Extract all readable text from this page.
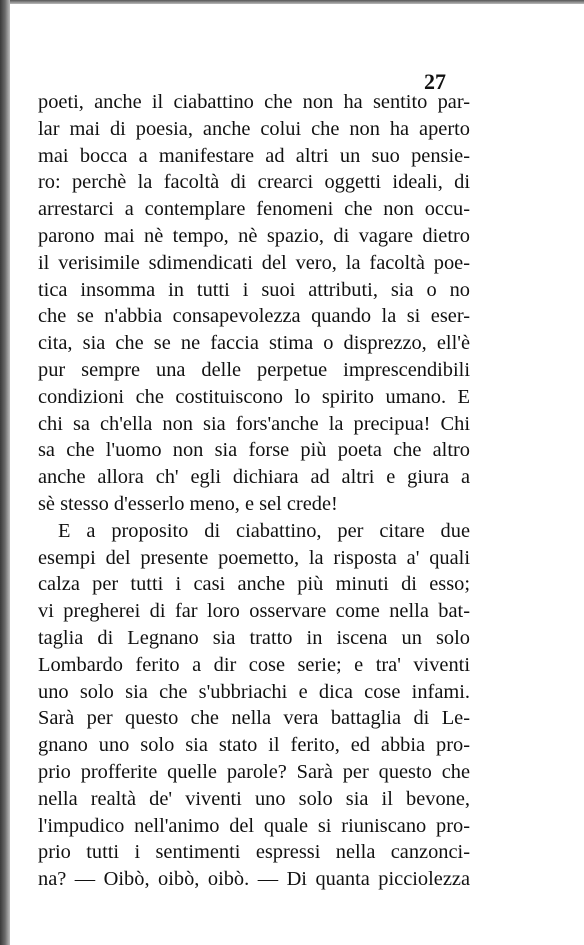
27
poeti, anche il ciabattino che non ha sentito par-
lar mai di poesia, anche colui che non ha aperto
mai bocca a manifestare ad altri un suo pensie-
ro: perchè la facoltà di crearci oggetti ideali, di
arrestarci a contemplare fenomeni che non occu-
parono mai nè tempo, nè spazio, di vagare dietro
il verisimile sdimendicati del vero, la facoltà poe-
tica insomma in tutti i suoi attributi, sia o no
che se n'abbia consapevolezza quando la si eser-
cita, sia che se ne faccia stima o disprezzo, ell'è
pur sempre una delle perpetue imprescendibili
condizioni che costituiscono lo spirito umano. E
chi sa ch'ella non sia fors'anche la precipua! Chi
sa che l'uomo non sia forse più poeta che altro
anche allora ch' egli dichiara ad altri e giura a
sè stesso d'esserlo meno, e sel crede!
E a proposito di ciabattino, per citare due
esempi del presente poemetto, la risposta a' quali
calza per tutti i casi anche più minuti di esso;
vi pregherei di far loro osservare come nella bat-
taglia di Legnano sia tratto in iscena un solo
Lombardo ferito a dir cose serie; e tra' viventi
uno solo sia che s'ubbriachi e dica cose infami.
Sarà per questo che nella vera battaglia di Le-
gnano uno solo sia stato il ferito, ed abbia pro-
prio profferite quelle parole? Sarà per questo che
nella realtà de' viventi uno solo sia il bevone,
l'impudico nell'animo del quale si riuniscano pro-
prio tutti i sentimenti espressi nella canzonci-
na? — Oibò, oibò, oibò. — Di quanta picciolezza
